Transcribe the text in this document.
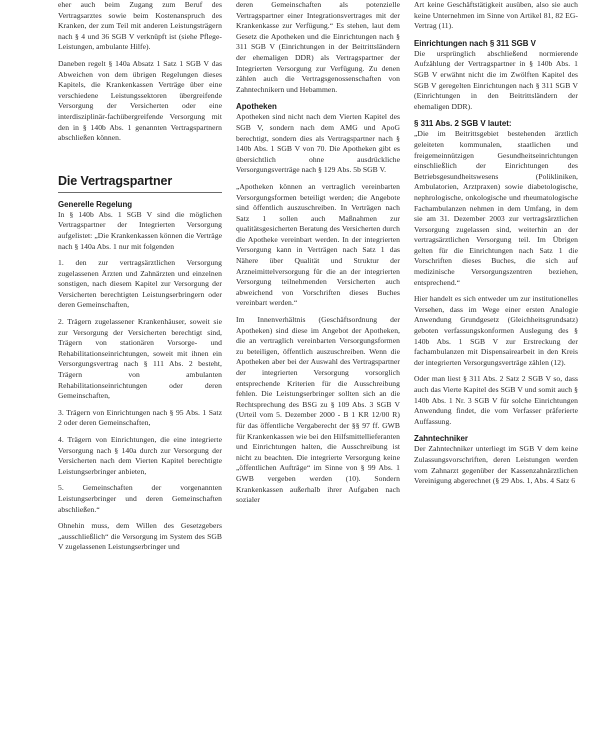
eher auch beim Zugang zum Beruf des Vertragsarztes sowie beim Kostenanspruch des Kranken, der zum Teil mit anderen Leistungsträgern nach § 4 und 36 SGB V verknüpft ist (siehe Pflege-Leistungen, ambulante Hilfe).

Daneben regelt § 140a Absatz 1 Satz 1 SGB V das Abweichen von dem übrigen Regelungen dieses Kapitels, die Krankenkassen Verträge über eine verschiedene Leistungssektoren übergreifende Versorgung der Versicherten oder eine interdisziplinär-fachübergreifende Versorgung mit den in § 140b Abs. 1 genannten Vertragspartnern abschließen können.

Die Vertragspartner
Generelle Regelung

In § 140b Abs. 1 SGB V sind die möglichen Vertragspartner der Integrierten Versorgung aufgelistet: „Die Krankenkassen können die Verträge nach § 140a Abs. 1 nur mit folgenden

1. den zur vertragsärztlichen Versorgung zugelassenen Ärzten und Zahnärzten und einzelnen sonstigen, nach diesem Kapitel zur Versorgung der Versicherten berechtigten Leistungserbringern oder deren Gemeinschaften,

2. Trägern zugelassener Krankenhäuser, soweit sie zur Versorgung der Versicherten berechtigt sind, Trägern von stationären Vorsorge- und Rehabilitationseinrichtungen, soweit mit ihnen ein Versorgungsvertrag nach § 111 Abs. 2 besteht, Trägern von ambulanten Rehabilitationseinrichtungen oder deren Gemeinschaften,

3. Trägern von Einrichtungen nach § 95 Abs. 1 Satz 2 oder deren Gemeinschaften,

4. Trägern von Einrichtungen, die eine integrierte Versorgung nach § 140a durch zur Versorgung der Versicherten nach dem Vierten Kapitel berechtigte Leistungserbringer anbieten,

5. Gemeinschaften der vorgenannten Leistungserbringer und deren Gemeinschaften abschließen.“

Ohnehin muss, dem Willen des Gesetzgebers „ausschließlich“ die Versorgung im System des SGB V zugelassenen Leistungserbringer und

deren Gemeinschaften als potenzielle Vertragspartner einer Integrationsvertrages mit der Krankenkasse zur Verfügung.“ Es stehen, laut dem Gesetz die Apotheken und die Einrichtungen nach § 311 SGB V (Einrichtungen in der Beitrittsländern der ehemaligen DDR) als Vertragspartner der Integrierten Versorgung zur Verfügung. Zu denen zählen auch die Vertragsgenossenschaften von Zahntechnikern und Hebammen.

Apotheken

Apotheken sind nicht nach dem Vierten Kapitel des SGB V, sondern nach dem AMG und ApoG berechtigt, sondern dies als Vertragspartner nach § 140b Abs. 1 SGB V von 70. Die Apotheken gibt es übersichtlich ohne ausdrückliche Versorgungsverträge nach § 129 Abs. 5b SGB V.

„Apotheken können an vertraglich vereinbarten Versorgungsformen beteiligt werden; die Angebote sind öffentlich auszuschreiben. In Verträgen nach Satz 1 sollen auch Maßnahmen zur qualitätsgesicherten Beratung des Versicherten durch die Apotheke vereinbart werden. In der integrierten Versorgung kann in Verträgen nach Satz 1 das Nähere über Qualität und Struktur der Arzneimittelversorgung für die an der integrierten Versorgung teilnehmenden Versicherten auch abweichend von Vorschriften dieses Buches vereinbart werden.“

Im Innenverhältnis (Geschäftsordnung der Apotheken) sind diese im Angebot der Apotheken, die an vertraglich vereinbarten Versorgungsformen zu beteiligen, öffentlich auszuschreiben. Wenn die Apotheken aber bei der Auswahl des Vertragspartner der integrierten Versorgung vorsorglich entsprechende Kriterien für die Ausschreibung fehlen. Die Leistungserbringer sollten sich an die Rechtsprechung des BSG zu § 109 Abs. 3 SGB V (Urteil vom 5. Dezember 2000 - B 1 KR 12/00 R) für das öffentliche Vergaberecht der §§ 97 ff. GWB für Krankenkassen wie bei den Hilfsmittellieferanten und Einrichtungen halten, die Ausschreibung ist nicht zu beachten. Die integrierte Versorgung keine „öffentlichen Aufträge“ im Sinne von § 99 Abs. 1 GWB vergeben werden (10). Sondern Krankenkassen außerhalb ihrer Aufgaben nach sozialer

Art keine Geschäftstätigkeit ausüben, also sie auch keine Unternehmen im Sinne von Artikel 81, 82 EG-Vertrag (11).

Einrichtungen nach § 311 SGB V

Die ursprünglich abschließend normierende Aufzählung der Vertragspartner in § 140b Abs. 1 SGB V erwähnt nicht die im Zwölften Kapitel des SGB V geregelten Einrichtungen nach § 311 SGB V (Einrichtungen in den Beitrittsländern der ehemaligen DDR).

§ 311 Abs. 2 SGB V lautet:

„Die im Beitrittsgebiet bestehenden ärztlich geleiteten kommunalen, staatlichen und freigemeinnützigen Gesundheitseinrichtungen einschließlich der Einrichtungen des Betriebsgesundheitswesens (Polikliniken, Ambulatorien, Arztpraxen) sowie diabetologische, nephrologische, onkologische und rheumatologische Fachambulanzen nehmen in dem Umfang, in dem sie am 31. Dezember 2003 zur vertragsärztlichen Versorgung zugelassen sind, weiterhin an der vertragsärztlichen Versorgung teil. Im Übrigen gelten für die Einrichtungen nach Satz 1 die Vorschriften dieses Buches, die sich auf medizinische Versorgungszentren beziehen, entsprechend.“

Hier handelt es sich entweder um zur institutionelles Versehen, dass im Wege einer ersten Analogie Anwendung Grundgesetz (Gleichheitsgrundsatz) geboten verfassungskonformen Auslegung des § 140b Abs. 1 SGB V zur Erstreckung der fachambulanzen mit Dispensairearbeit in den Kreis der integrierten Versorgungsverträge zählen (12).

Oder man liest § 311 Abs. 2 Satz 2 SGB V so, dass auch das Vierte Kapitel des SGB V und somit auch § 140b Abs. 1 Nr. 3 SGB V für solche Einrichtungen Anwendung findet, die vom Verfasser präferierte Auffassung.

Zahntechniker

Der Zahntechniker unterliegt im SGB V dem keine Zulassungsvorschriften, deren Leistungen werden vom Zahnarzt gegenüber der Kassenzahnärztlichen Vereinigung abgerechnet (§ 29 Abs. 1, Abs. 4 Satz 6
